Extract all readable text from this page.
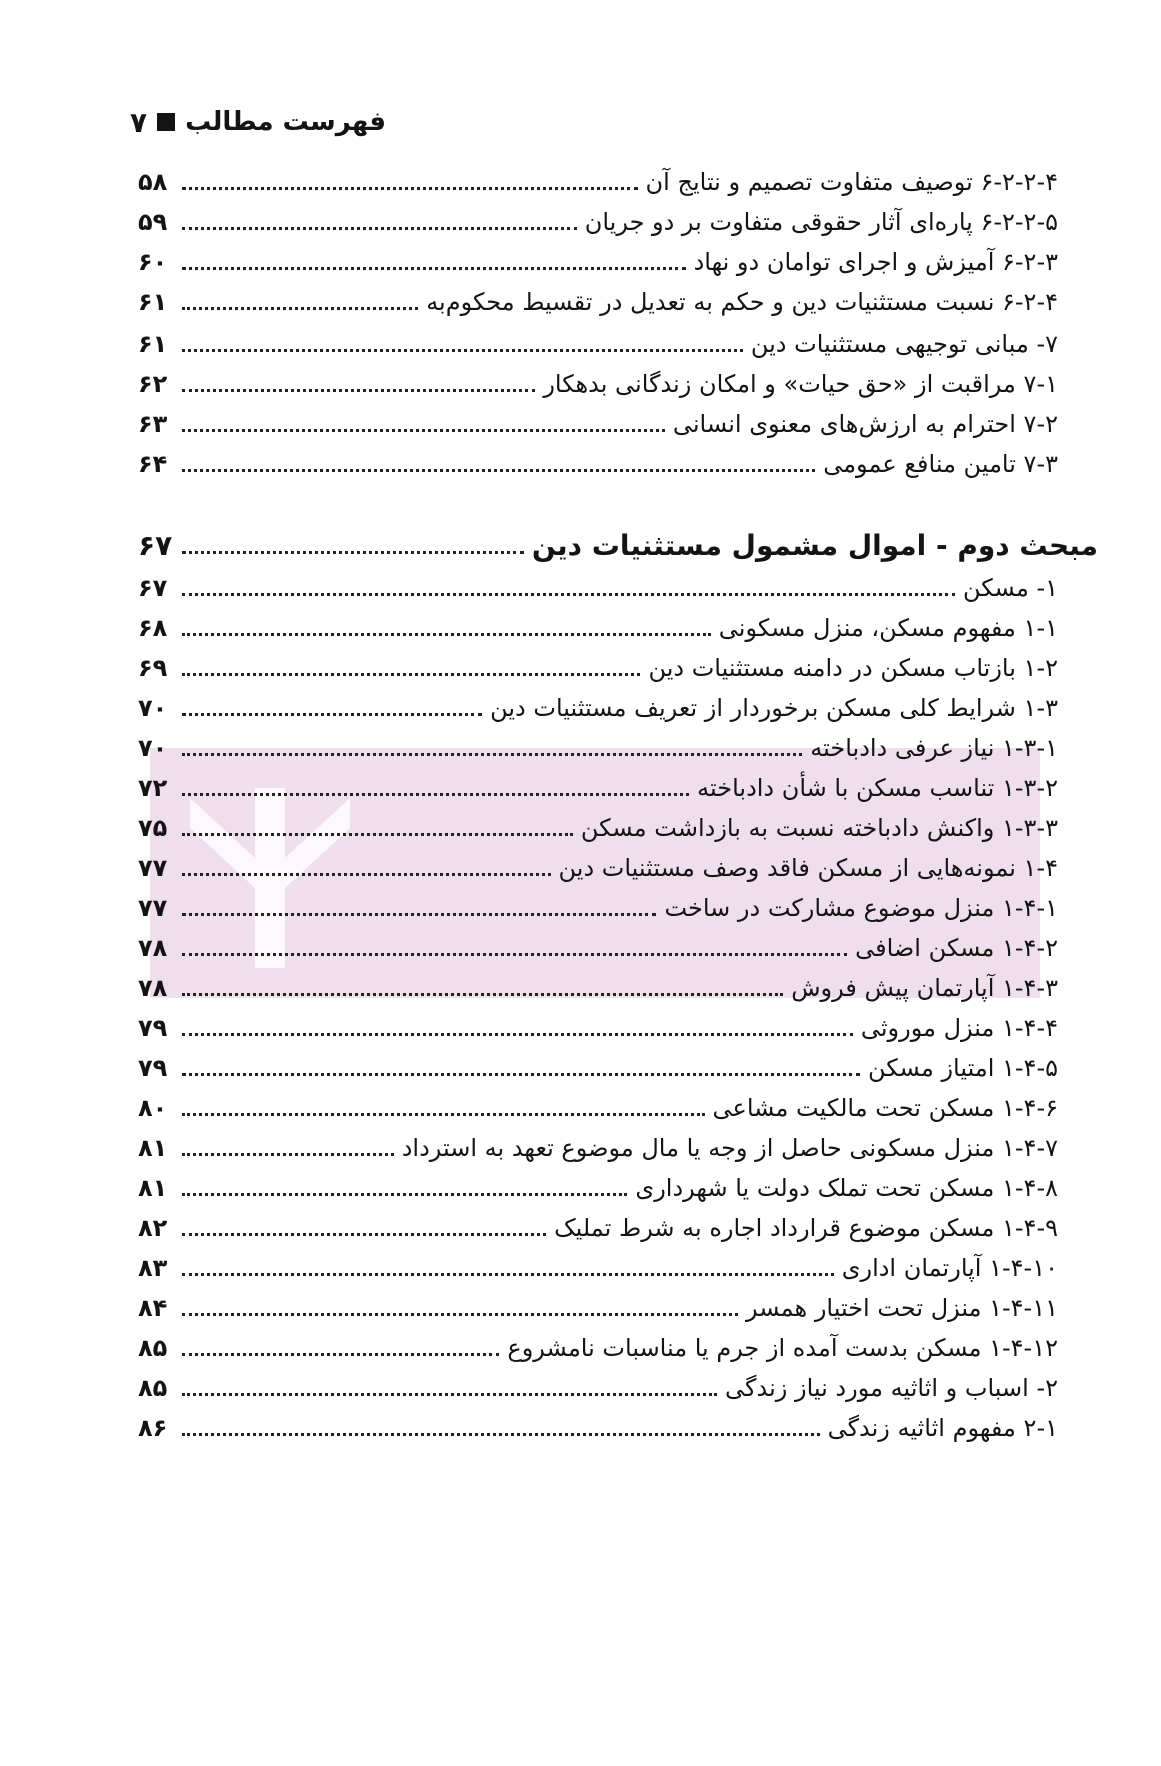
۷ فهرست مطالب
۶-۲-۲-۴ توصیف متفاوت تصمیم و نتایج آن
۵۸
۶-۲-۲-۵ پاره‌ای آثار حقوقی متفاوت بر دو جریان
۵۹
۶-۲-۳ آمیزش و اجرای توامان دو نهاد
۶۰
۶-۲-۴ نسبت مستثنیات دین و حکم به تعدیل در تقسیط محکوم‌به
۶۱
۷- مبانی توجیهی مستثنیات دین
۶۱
۷-۱ مراقبت از «حق حیات» و امکان زندگانی بدهکار
۶۲
۷-۲ احترام به ارزش‌های معنوی انسانی
۶۳
۷-۳ تامین منافع عمومی
۶۴
مبحث دوم - اموال مشمول مستثنیات دین
۶۷
۱- مسکن
۶۷
۱-۱ مفهوم مسکن، منزل مسکونی
۶۸
۱-۲ بازتاب مسکن در دامنه مستثنیات دین
۶۹
۱-۳ شرایط کلی مسکن برخوردار از تعریف مستثنیات دین
۷۰
۱-۳-۱ نیاز عرفی دادباخته
۷۰
۱-۳-۲ تناسب مسکن با شأن دادباخته
۷۲
۱-۳-۳ واکنش دادباخته نسبت به بازداشت مسکن
۷۵
۱-۴ نمونه‌هایی از مسکن فاقد وصف مستثنیات دین
۷۷
۱-۴-۱ منزل موضوع مشارکت در ساخت
۷۷
۱-۴-۲ مسکن اضافی
۷۸
۱-۴-۳ آپارتمان پیش فروش
۷۸
۱-۴-۴ منزل موروثی
۷۹
۱-۴-۵ امتیاز مسکن
۷۹
۱-۴-۶ مسکن تحت مالکیت مشاعی
۸۰
۱-۴-۷ منزل مسکونی حاصل از وجه یا مال موضوع تعهد به استرداد
۸۱
۱-۴-۸ مسکن تحت تملک دولت یا شهرداری
۸۱
۱-۴-۹ مسکن موضوع قرارداد اجاره به شرط تملیک
۸۲
۱-۴-۱۰ آپارتمان اداری
۸۳
۱-۴-۱۱ منزل تحت اختیار همسر
۸۴
۱-۴-۱۲ مسکن بدست آمده از جرم یا مناسبات نامشروع
۸۵
۲- اسباب و اثاثیه مورد نیاز زندگی
۸۵
۲-۱ مفهوم اثاثیه زندگی
۸۶
